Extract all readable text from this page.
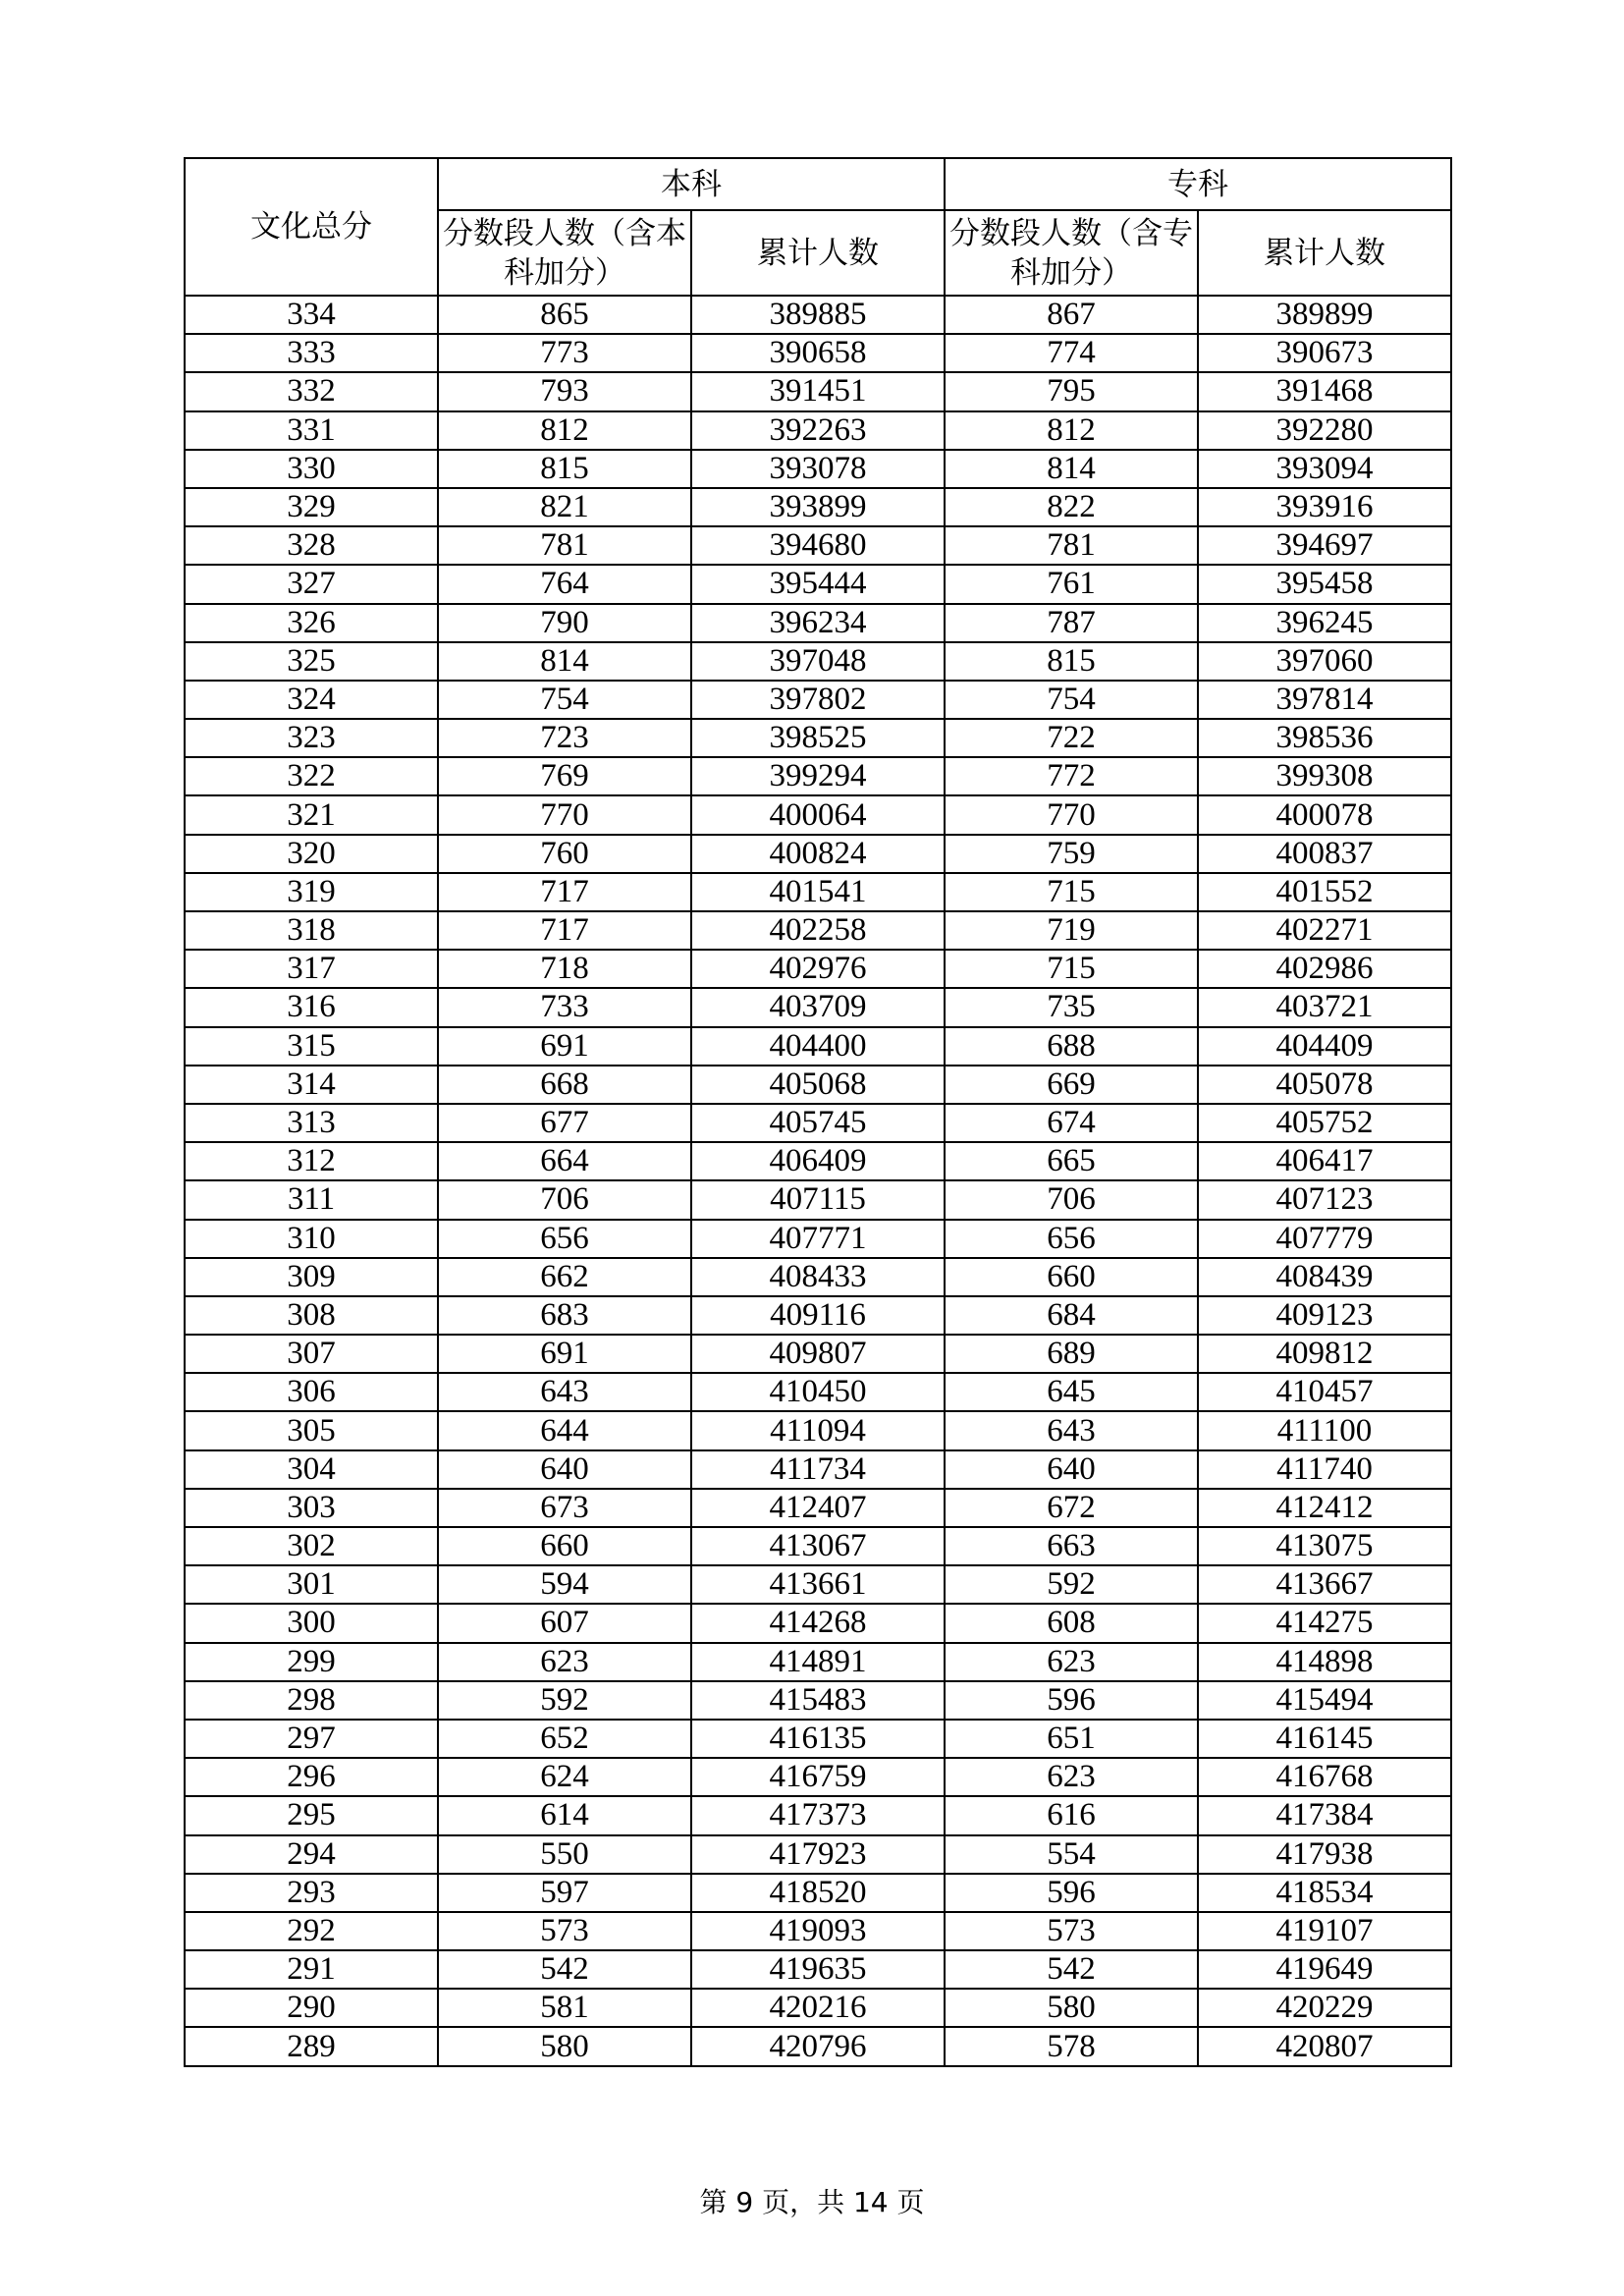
文化总分	本科		专科	
	分数段人数（含本科加分）	累计人数	分数段人数（含专科加分）	累计人数
334	865	389885	867	389899
333	773	390658	774	390673
332	793	391451	795	391468
331	812	392263	812	392280
330	815	393078	814	393094
329	821	393899	822	393916
328	781	394680	781	394697
327	764	395444	761	395458
326	790	396234	787	396245
325	814	397048	815	397060
324	754	397802	754	397814
323	723	398525	722	398536
322	769	399294	772	399308
321	770	400064	770	400078
320	760	400824	759	400837
319	717	401541	715	401552
318	717	402258	719	402271
317	718	402976	715	402986
316	733	403709	735	403721
315	691	404400	688	404409
314	668	405068	669	405078
313	677	405745	674	405752
312	664	406409	665	406417
311	706	407115	706	407123
310	656	407771	656	407779
309	662	408433	660	408439
308	683	409116	684	409123
307	691	409807	689	409812
306	643	410450	645	410457
305	644	411094	643	411100
304	640	411734	640	411740
303	673	412407	672	412412
302	660	413067	663	413075
301	594	413661	592	413667
300	607	414268	608	414275
299	623	414891	623	414898
298	592	415483	596	415494
297	652	416135	651	416145
296	624	416759	623	416768
295	614	417373	616	417384
294	550	417923	554	417938
293	597	418520	596	418534
292	573	419093	573	419107
291	542	419635	542	419649
290	581	420216	580	420229
289	580	420796	578	420807
第 9 页，共 14 页
